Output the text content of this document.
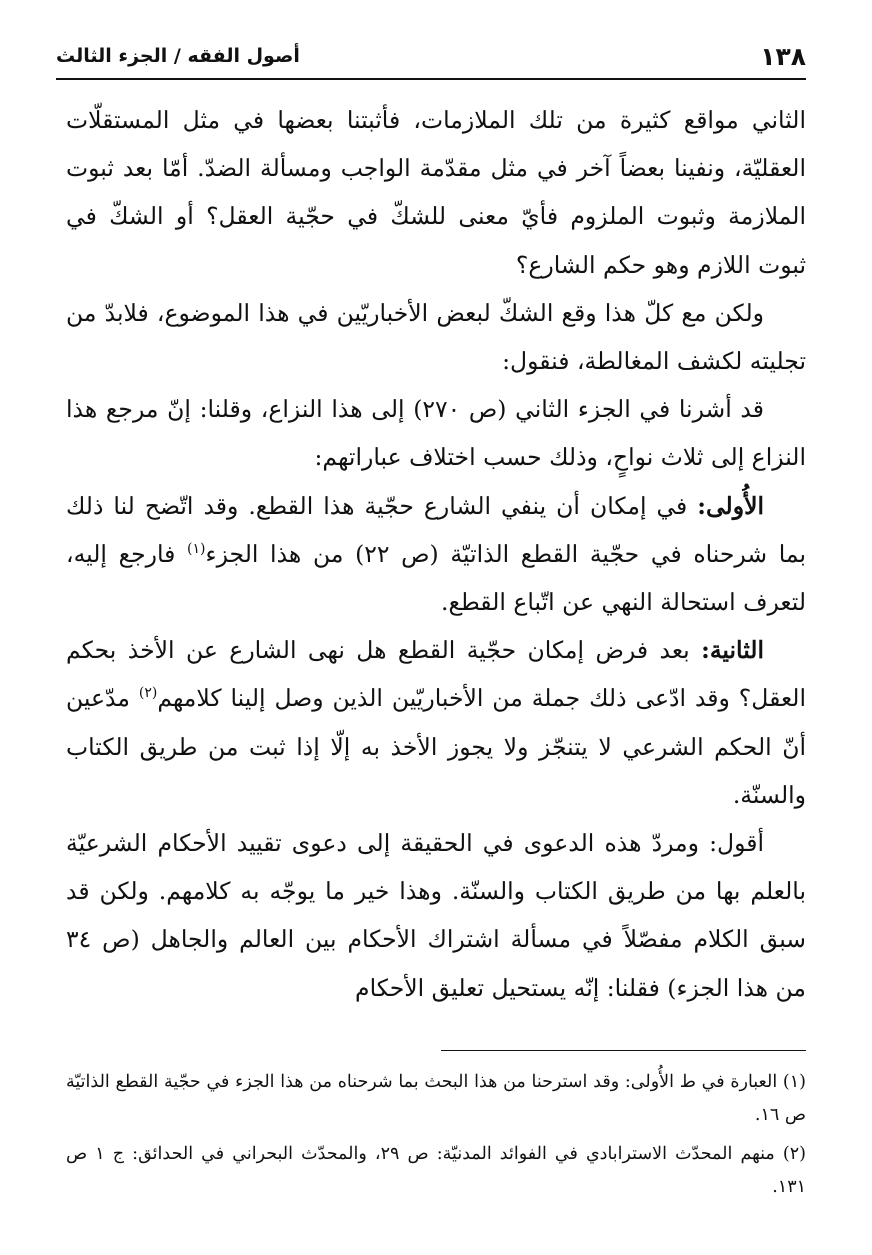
١٣٨
أصول الفقه / الجزء الثالث

الثاني مواقع كثيرة من تلك الملازمات، فأثبتنا بعضها في مثل المستقلّات العقليّة، ونفينا بعضاً آخر في مثل مقدّمة الواجب ومسألة الضدّ. أمّا بعد ثبوت الملازمة وثبوت الملزوم فأيّ معنى للشكّ في حجّية العقل؟ أو الشكّ في ثبوت اللازم وهو حكم الشارع؟

ولكن مع كلّ هذا وقع الشكّ لبعض الأخباريّين في هذا الموضوع، فلابدّ من تجليته لكشف المغالطة، فنقول:

قد أشرنا في الجزء الثاني (ص ٢٧٠) إلى هذا النزاع، وقلنا: إنّ مرجع هذا النزاع إلى ثلاث نواحٍ، وذلك حسب اختلاف عباراتهم:

الأُولى: في إمكان أن ينفي الشارع حجّية هذا القطع. وقد اتّضح لنا ذلك بما شرحناه في حجّية القطع الذاتيّة (ص ٢٢) من هذا الجزء$^{(١)}$ فارجع إليه، لتعرف استحالة النهي عن اتّباع القطع.

الثانية: بعد فرض إمكان حجّية القطع هل نهى الشارع عن الأخذ بحكم العقل؟ وقد ادّعى ذلك جملة من الأخباريّين الذين وصل إلينا كلامهم$^{(٢)}$ مدّعين أنّ الحكم الشرعي لا يتنجّز ولا يجوز الأخذ به إلّا إذا ثبت من طريق الكتاب والسنّة.

أقول: ومردّ هذه الدعوى في الحقيقة إلى دعوى تقييد الأحكام الشرعيّة بالعلم بها من طريق الكتاب والسنّة. وهذا خير ما يوجّه به كلامهم. ولكن قد سبق الكلام مفصّلاً في مسألة اشتراك الأحكام بين العالم والجاهل (ص ٣٤ من هذا الجزء) فقلنا: إنّه يستحيل تعليق الأحكام

(١) العبارة في ط الأُولى: وقد استرحنا من هذا البحث بما شرحناه من هذا الجزء في حجّية القطع الذاتيّة ص ١٦.

(٢) منهم المحدّث الاسترابادي في الفوائد المدنيّة: ص ٢٩، والمحدّث البحراني في الحدائق: ج ١ ص ١٣١.
